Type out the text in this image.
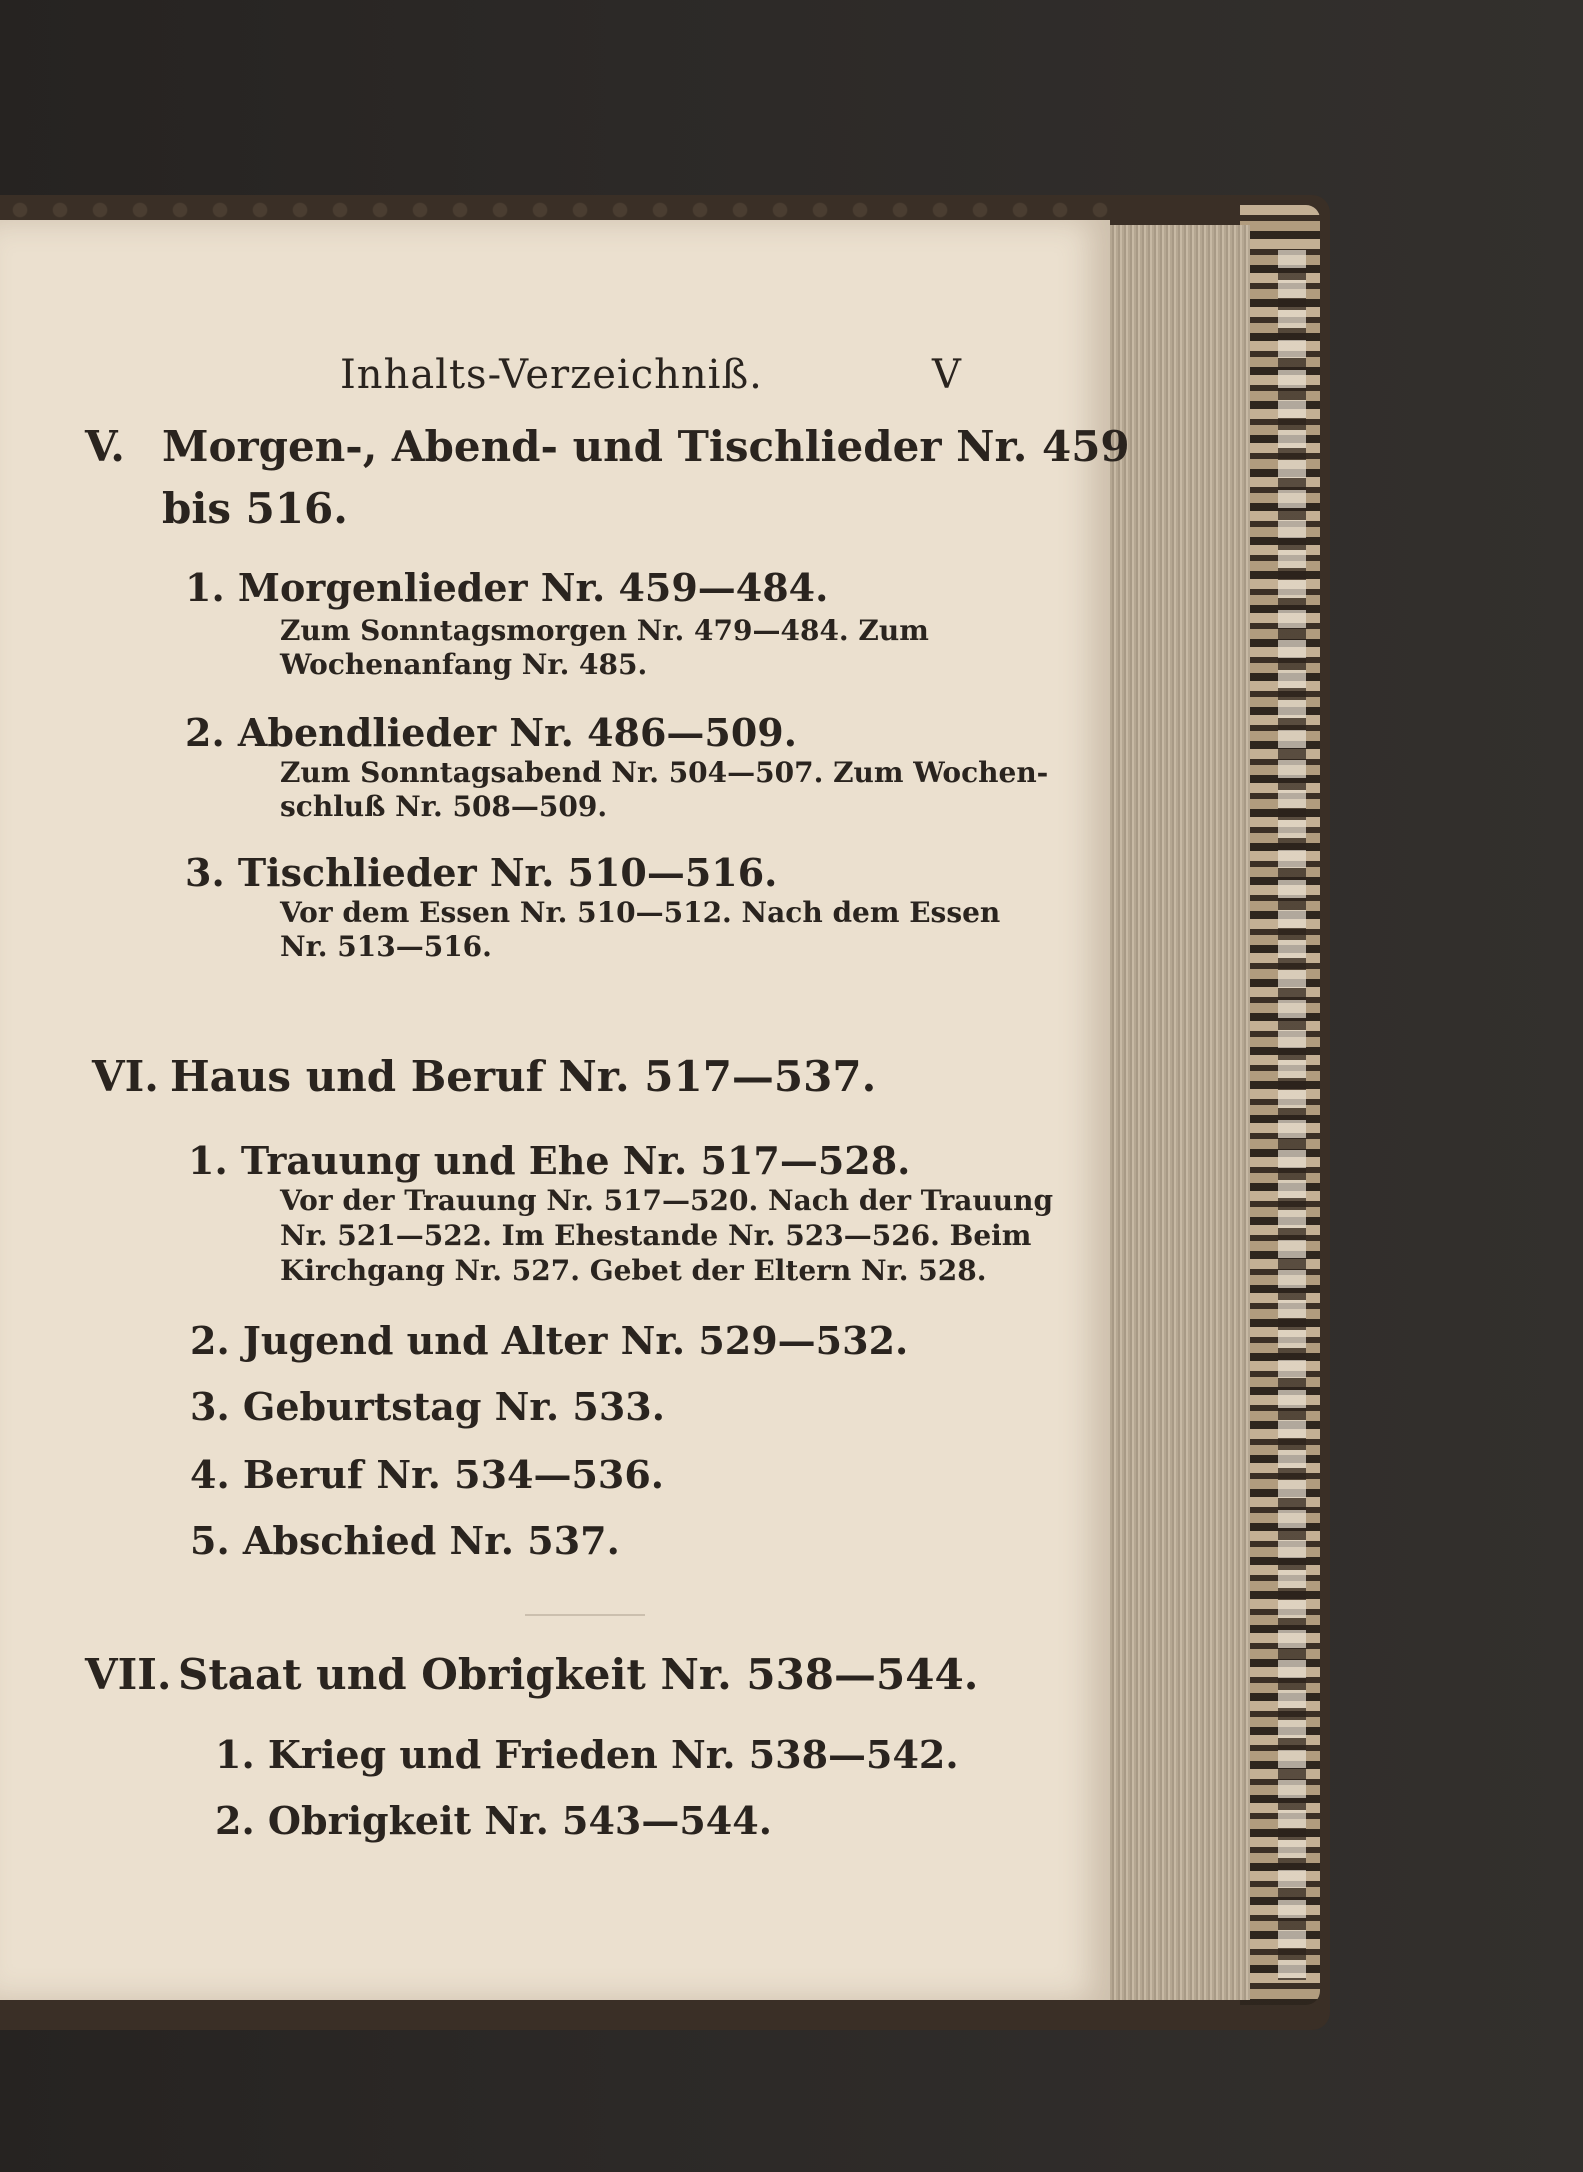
Inhalts-Verzeichniß.	V
V. Morgen-, Abend- und Tischlieder Nr. 459
bis 516.
1. Morgenlieder Nr. 459—484.
Zum Sonntagsmorgen Nr. 479—484. Zum
Wochenanfang Nr. 485.
2. Abendlieder Nr. 486—509.
Zum Sonntagsabend Nr. 504—507. Zum Wochen-
schluß Nr. 508—509.
3. Tischlieder Nr. 510—516.
Vor dem Essen Nr. 510—512. Nach dem Essen
Nr. 513—516.
VI. Haus und Beruf Nr. 517—537.
1. Trauung und Ehe Nr. 517—528.
Vor der Trauung Nr. 517—520. Nach der Trauung
Nr. 521—522. Im Ehestande Nr. 523—526. Beim
Kirchgang Nr. 527. Gebet der Eltern Nr. 528.
2. Jugend und Alter Nr. 529—532.
3. Geburtstag Nr. 533.
4. Beruf Nr. 534—536.
5. Abschied Nr. 537.
VII. Staat und Obrigkeit Nr. 538—544.
1. Krieg und Frieden Nr. 538—542.
2. Obrigkeit Nr. 543—544.
